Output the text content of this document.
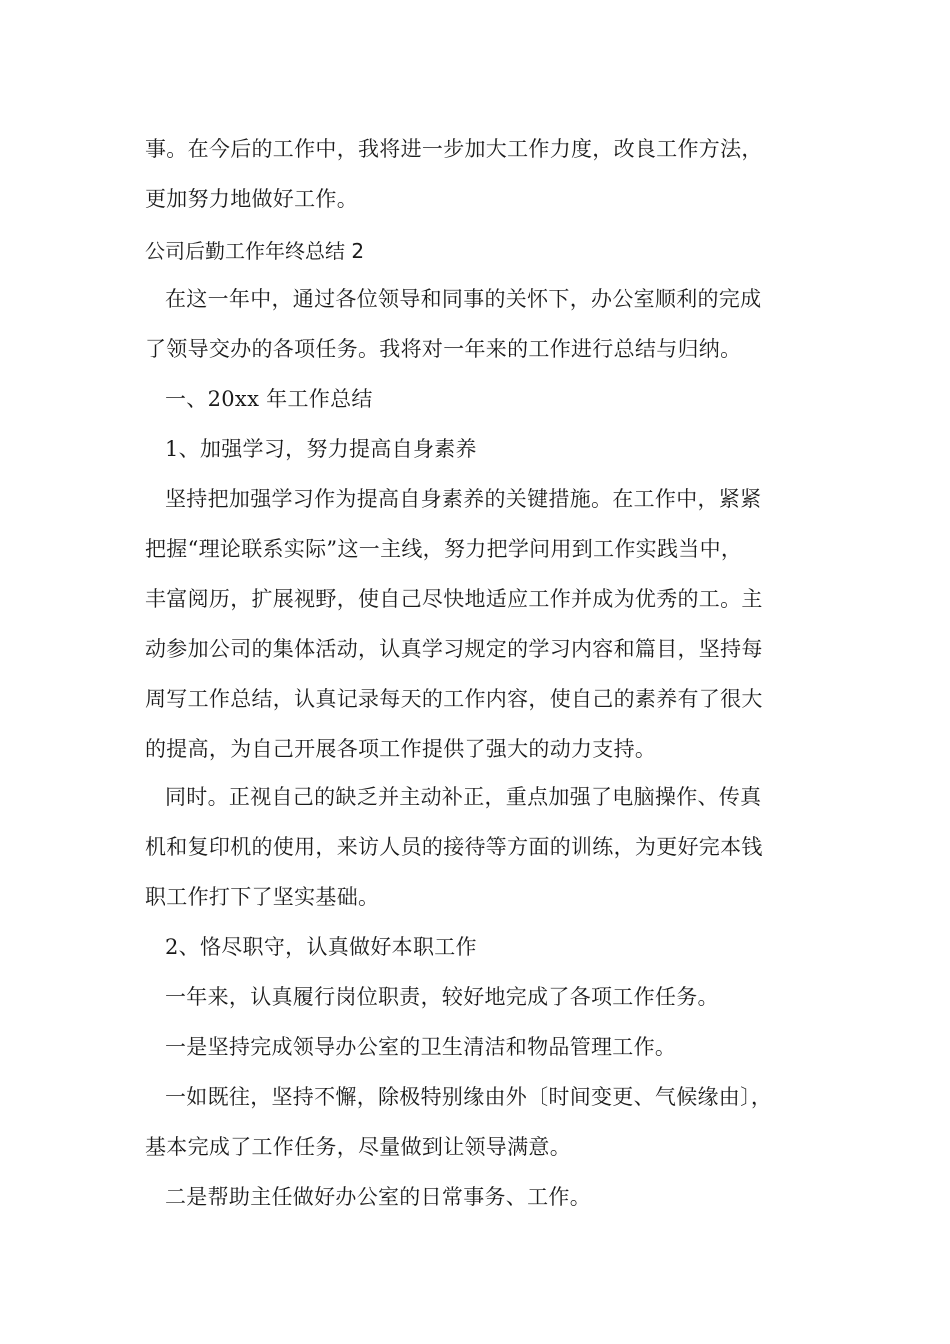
事。在今后的工作中，我将进一步加大工作力度，改良工作方法，
更加努力地做好工作。
公司后勤工作年终总结 2
在这一年中，通过各位领导和同事的关怀下，办公室顺利的完成
了领导交办的各项任务。我将对一年来的工作进行总结与归纳。
一、20xx 年工作总结
1、加强学习，努力提高自身素养
坚持把加强学习作为提高自身素养的关键措施。在工作中，紧紧
把握“理论联系实际”这一主线，努力把学问用到工作实践当中，
丰富阅历，扩展视野，使自己尽快地适应工作并成为优秀的工。主
动参加公司的集体活动，认真学习规定的学习内容和篇目，坚持每
周写工作总结，认真记录每天的工作内容，使自己的素养有了很大
的提高，为自己开展各项工作提供了强大的动力支持。
同时。正视自己的缺乏并主动补正，重点加强了电脑操作、传真
机和复印机的使用，来访人员的接待等方面的训练，为更好完本钱
职工作打下了坚实基础。
2、恪尽职守，认真做好本职工作
一年来，认真履行岗位职责，较好地完成了各项工作任务。
一是坚持完成领导办公室的卫生清洁和物品管理工作。
一如既往，坚持不懈，除极特别缘由外〔时间变更、气候缘由〕，
基本完成了工作任务，尽量做到让领导满意。
二是帮助主任做好办公室的日常事务、工作。
